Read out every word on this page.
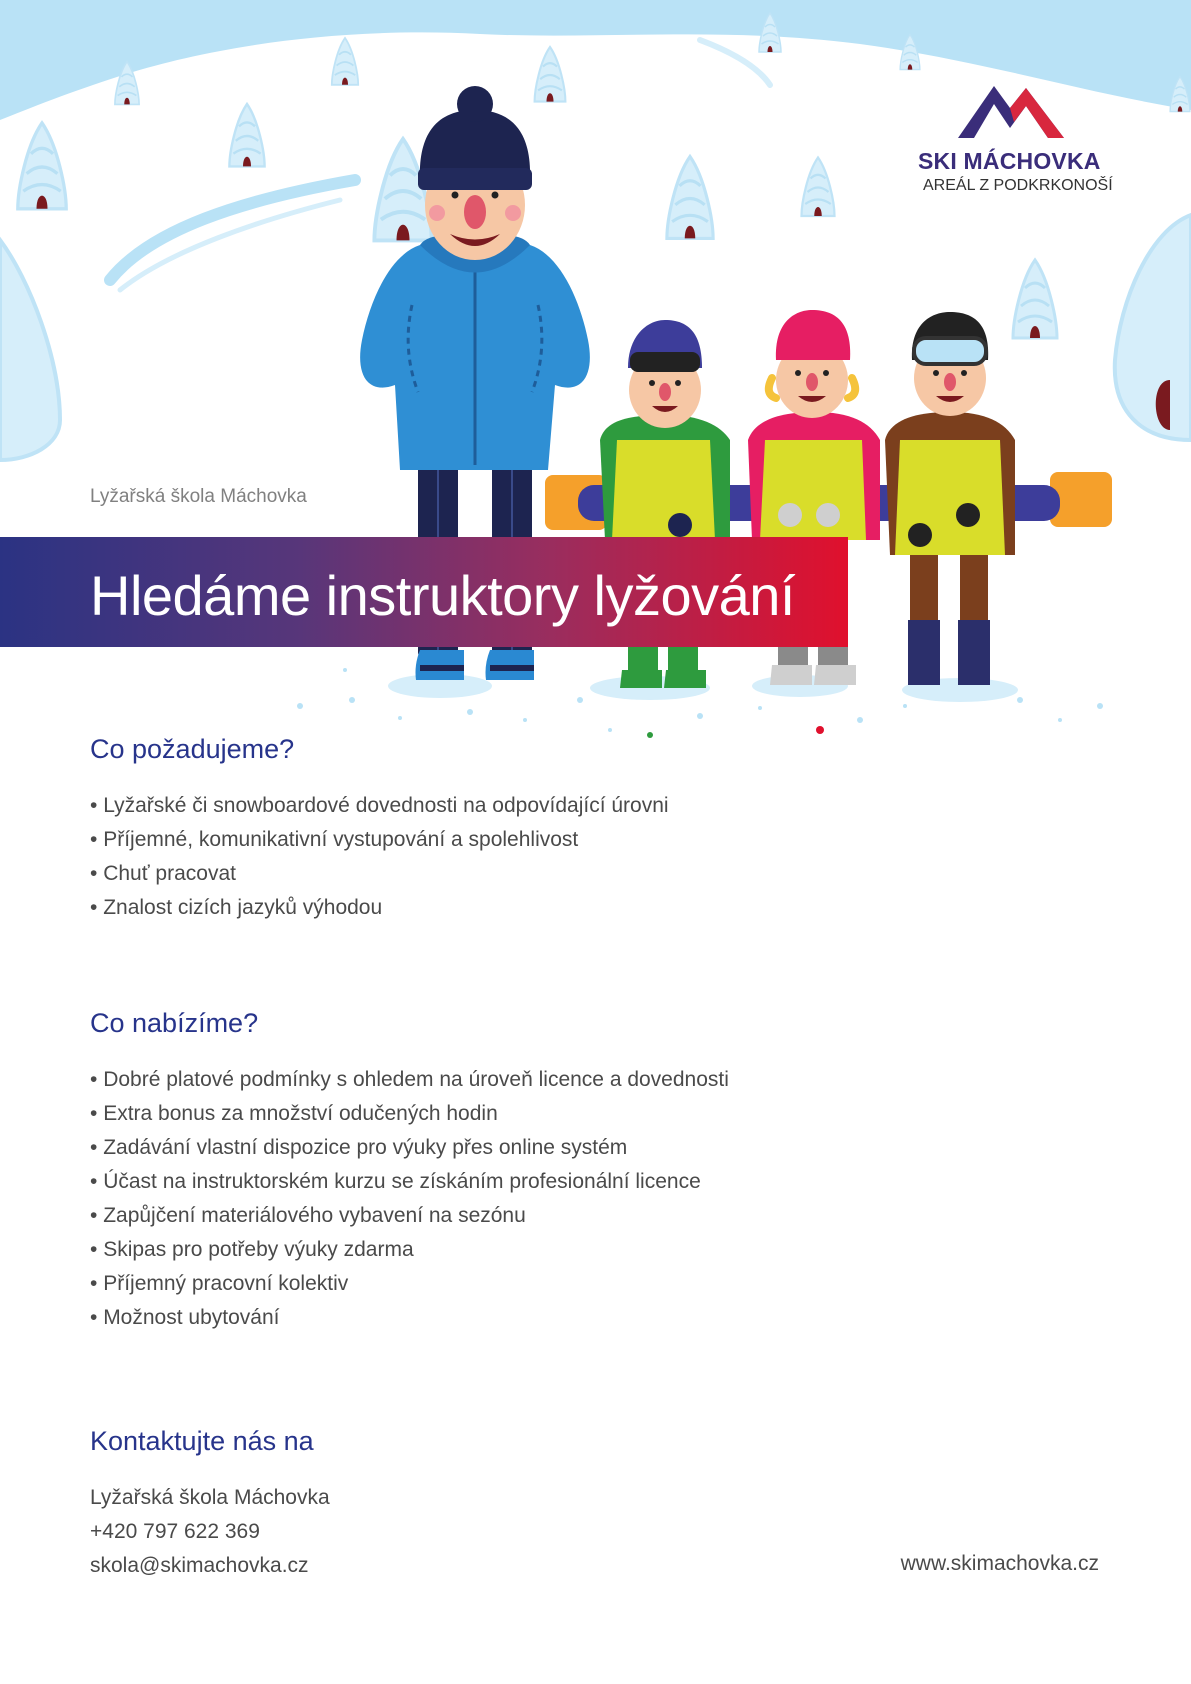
SKI MÁCHOVKA
AREÁL Z PODKRKONOŠÍ
Lyžařská škola Máchovka
Hledáme instruktory lyžování
Co požadujeme?
• Lyžařské či snowboardové dovednosti na odpovídající úrovni
• Příjemné, komunikativní vystupování a spolehlivost
• Chuť pracovat
• Znalost cizích jazyků výhodou
Co nabízíme?
• Dobré platové podmínky s ohledem na úroveň licence a dovednosti
• Extra bonus za množství odučených hodin
• Zadávání vlastní dispozice pro výuky přes online systém
• Účast na instruktorském kurzu se získáním profesionální licence
• Zapůjčení materiálového vybavení na sezónu
• Skipas pro potřeby výuky zdarma
• Příjemný pracovní kolektiv
• Možnost ubytování
Kontaktujte nás na
Lyžařská škola Máchovka
+420 797 622 369
skola@skimachovka.cz	www.skimachovka.cz
